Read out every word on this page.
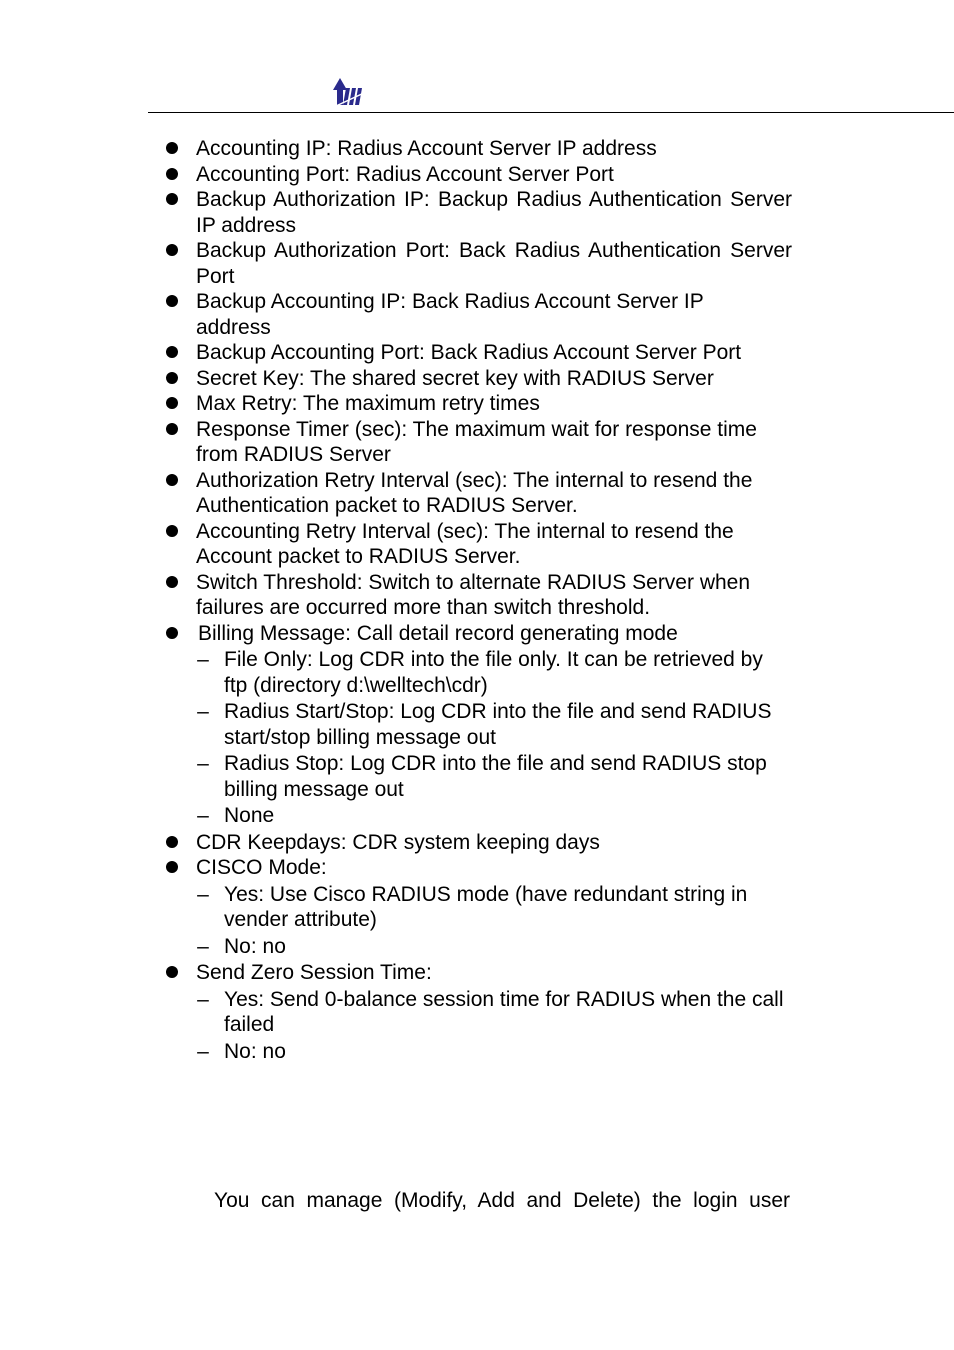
Accounting IP: Radius Account Server IP address
Accounting Port: Radius Account Server Port
Backup Authorization IP: Backup Radius Authentication Server IP address
Backup Authorization Port: Back Radius Authentication Server Port
Backup Accounting IP: Back Radius Account Server IP address
Backup Accounting Port: Back Radius Account Server Port
Secret Key: The shared secret key with RADIUS Server
Max Retry: The maximum retry times
Response Timer (sec): The maximum wait for response time from RADIUS Server
Authorization Retry Interval (sec): The internal to resend the Authentication packet to RADIUS Server.
Accounting Retry Interval (sec): The internal to resend the Account packet to RADIUS Server.
Switch Threshold: Switch to alternate RADIUS Server when failures are occurred more than switch threshold.
Billing Message: Call detail record generating mode
– File Only: Log CDR into the file only. It can be retrieved by ftp (directory d:\welltech\cdr)
– Radius Start/Stop: Log CDR into the file and send RADIUS start/stop billing message out
– Radius Stop: Log CDR into the file and send RADIUS stop billing message out
– None
CDR Keepdays: CDR system keeping days
CISCO Mode:
– Yes: Use Cisco RADIUS mode (have redundant string in vender attribute)
– No: no
Send Zero Session Time:
– Yes: Send 0-balance session time for RADIUS when the call failed
– No: no
You can manage (Modify, Add and Delete) the login user
